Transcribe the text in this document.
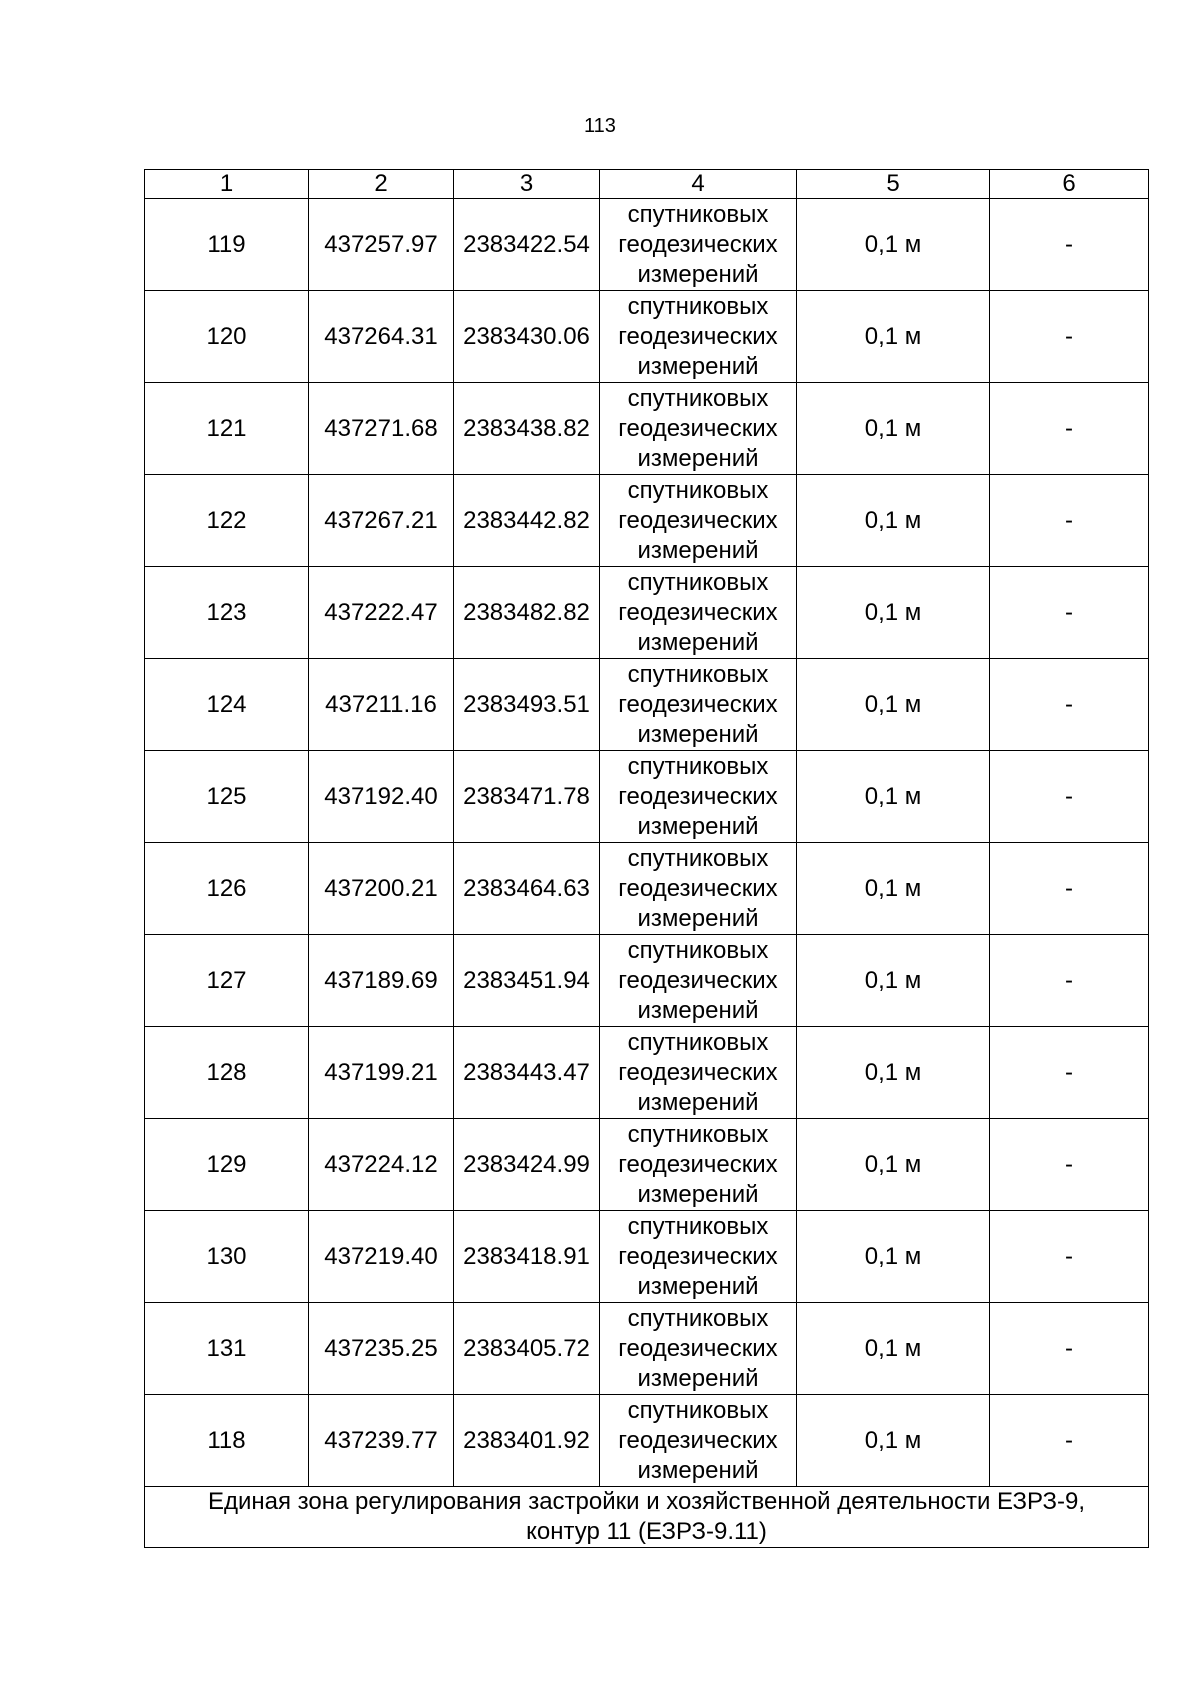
113
1	2	3	4	5	6
119	437257.97	2383422.54	спутниковых
геодезических
измерений	0,1 м	-
120	437264.31	2383430.06	спутниковых
геодезических
измерений	0,1 м	-
121	437271.68	2383438.82	спутниковых
геодезических
измерений	0,1 м	-
122	437267.21	2383442.82	спутниковых
геодезических
измерений	0,1 м	-
123	437222.47	2383482.82	спутниковых
геодезических
измерений	0,1 м	-
124	437211.16	2383493.51	спутниковых
геодезических
измерений	0,1 м	-
125	437192.40	2383471.78	спутниковых
геодезических
измерений	0,1 м	-
126	437200.21	2383464.63	спутниковых
геодезических
измерений	0,1 м	-
127	437189.69	2383451.94	спутниковых
геодезических
измерений	0,1 м	-
128	437199.21	2383443.47	спутниковых
геодезических
измерений	0,1 м	-
129	437224.12	2383424.99	спутниковых
геодезических
измерений	0,1 м	-
130	437219.40	2383418.91	спутниковых
геодезических
измерений	0,1 м	-
131	437235.25	2383405.72	спутниковых
геодезических
измерений	0,1 м	-
118	437239.77	2383401.92	спутниковых
геодезических
измерений	0,1 м	-

Единая зона регулирования застройки и хозяйственной деятельности ЕЗРЗ-9,
контур 11 (ЕЗРЗ-9.11)					
